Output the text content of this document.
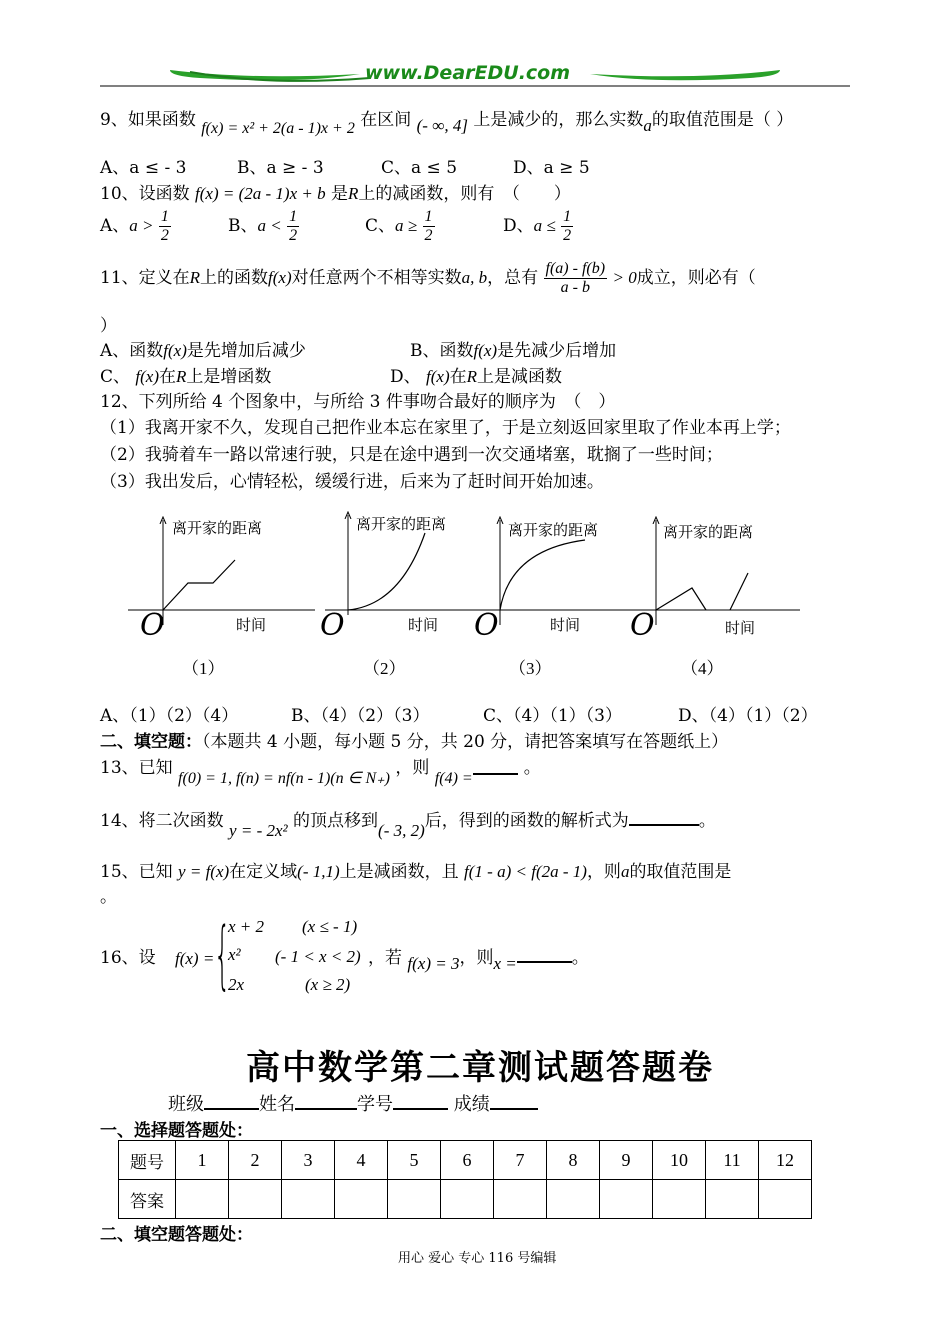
www.DearEDU.com
9、如果函数 f(x) = x² + 2(a - 1)x + 2 在区间 (- ∞, 4] 上是减少的，那么实数a的取值范围是（ ）
A、a ≤ - 3	B、a ≥ - 3	C、a ≤ 5	D、a ≥ 5
10、设函数 f(x) = (2a - 1)x + b 是R上的减函数，则有　（　　）
A、$a > \frac{1}{2}$	B、$a < \frac{1}{2}$	C、$a \ge \frac{1}{2}$	D、$a \le \frac{1}{2}$
11、定义在R上的函数f(x)对任意两个不相等实数a, b，总有 $\frac{f(a) - f(b)}{a - b} > 0$成立，则必有（
）
A、函数f(x)是先增加后减少	B、函数f(x)是先减少后增加
C、 f(x)在R上是增函数	D、 f(x)在R上是减函数
12、下列所给 4 个图象中，与所给 3 件事吻合最好的顺序为　（　）
（1）我离开家不久，发现自己把作业本忘在家里了，于是立刻返回家里取了作业本再上学；
（2）我骑着车一路以常速行驶，只是在途中遇到一次交通堵塞，耽搁了一些时间；
（3）我出发后，心情轻松，缓缓行进，后来为了赶时间开始加速。
离开家的距离
时间
O
离开家的距离
时间
O
离开家的距离
时间
O
离开家的距离
时间
O
（1）	（2）	（3）	（4）
A、（1）（2）（4）	B、（4）（2）（3）	C、（4）（1）（3）	D、（4）（1）（2）
二、填空题：（本题共 4 小题，每小题 5 分，共 20 分，请把答案填写在答题纸上）
13、已知 f(0) = 1, f(n) = nf(n - 1)(n ∈ N₊) ，则 f(4) =。
14、将二次函数 y = - 2x² 的顶点移到(- 3, 2)后，得到的函数的解析式为	。
15、已知 y = f(x)在定义域(- 1,1)上是减函数，且 f(1 - a) < f(2a - 1)，则a的取值范围是
。
16、设 f(x) = {
x + 2 (x ≤ - 1)
x² (- 1 < x < 2)
2x	(x ≥ 2)
，若 f(x) = 3，则x =	。
高中数学第二章测试题答题卷
班级	姓名	学号	成绩
一、选择题答题处：
题号	1	2	3	4	5	6	7	8	9	10	11	12
答案												
二、填空题答题处：
用心 爱心 专心 116 号编辑
